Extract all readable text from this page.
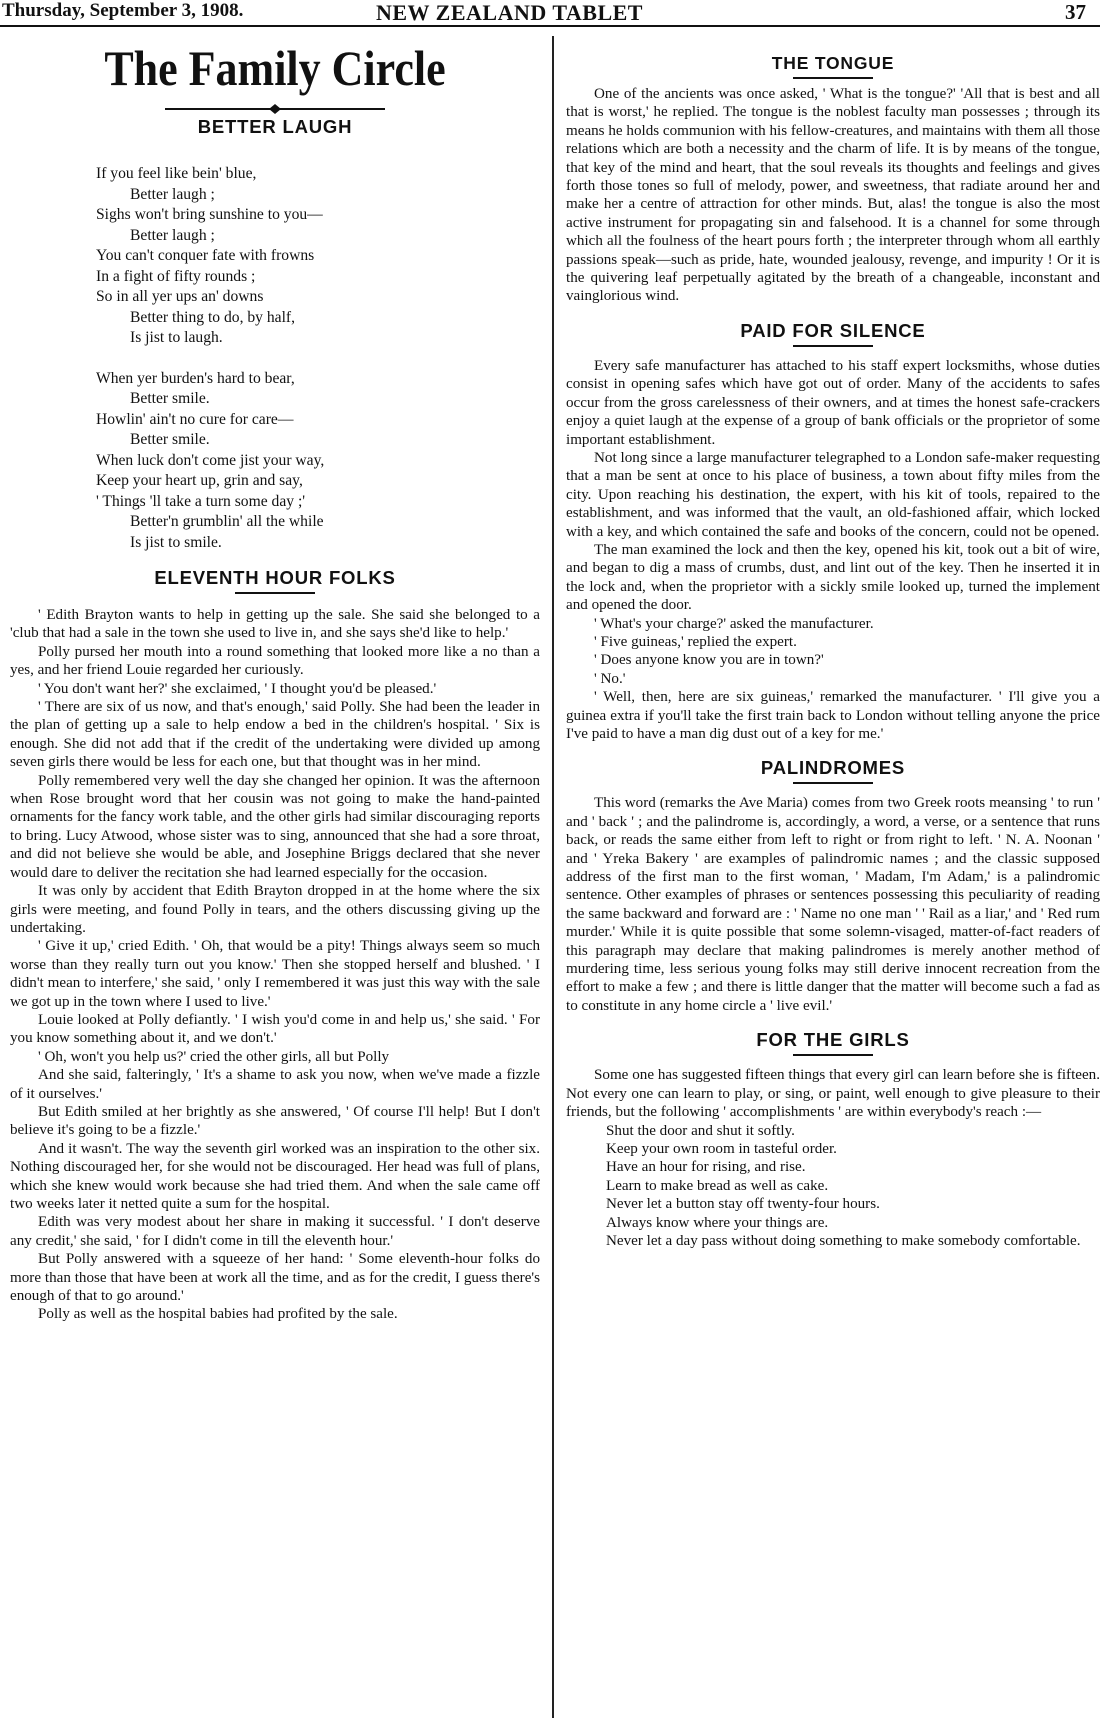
Thursday, September 3, 1908.	NEW ZEALAND TABLET	37
The Family Circle
BETTER LAUGH
If you feel like bein' blue,
Better laugh ;
Sighs won't bring sunshine to you—
Better laugh ;
You can't conquer fate with frowns
In a fight of fifty rounds ;
So in all yer ups an' downs
Better thing to do, by half,
Is jist to laugh.
When yer burden's hard to bear,
Better smile.
Howlin' ain't no cure for care—
Better smile.
When luck don't come jist your way,
Keep your heart up, grin and say,
' Things 'll take a turn some day ;'
Better'n grumblin' all the while
Is jist to smile.
ELEVENTH HOUR FOLKS

' Edith Brayton wants to help in getting up the sale. She said she belonged to a 'club that had a sale in the town she used to live in, and she says she'd like to help.'

Polly pursed her mouth into a round something that looked more like a no than a yes, and her friend Louie regarded her curiously.

' You don't want her?' she exclaimed, ' I thought you'd be pleased.'

' There are six of us now, and that's enough,' said Polly. She had been the leader in the plan of getting up a sale to help endow a bed in the children's hospital. ' Six is enough. She did not add that if the credit of the undertaking were divided up among seven girls there would be less for each one, but that thought was in her mind.

Polly remembered very well the day she changed her opinion. It was the afternoon when Rose brought word that her cousin was not going to make the hand-painted ornaments for the fancy work table, and the other girls had similar discouraging reports to bring. Lucy Atwood, whose sister was to sing, announced that she had a sore throat, and did not believe she would be able, and Josephine Briggs declared that she never would dare to deliver the recitation she had learned especially for the occasion.

It was only by accident that Edith Brayton dropped in at the home where the six girls were meeting, and found Polly in tears, and the others discussing giving up the undertaking.

' Give it up,' cried Edith. ' Oh, that would be a pity! Things always seem so much worse than they really turn out you know.' Then she stopped herself and blushed. ' I didn't mean to interfere,' she said, ' only I remembered it was just this way with the sale we got up in the town where I used to live.'

Louie looked at Polly defiantly. ' I wish you'd come in and help us,' she said. ' For you know something about it, and we don't.'

' Oh, won't you help us?' cried the other girls, all but Polly

And she said, falteringly, ' It's a shame to ask you now, when we've made a fizzle of it ourselves.'

But Edith smiled at her brightly as she answered, ' Of course I'll help! But I don't believe it's going to be a fizzle.'

And it wasn't. The way the seventh girl worked was an inspiration to the other six. Nothing discouraged her, for she would not be discouraged. Her head was full of plans, which she knew would work because she had tried them. And when the sale came off two weeks later it netted quite a sum for the hospital.

Edith was very modest about her share in making it successful. ' I don't deserve any credit,' she said, ' for I didn't come in till the eleventh hour.'

But Polly answered with a squeeze of her hand: ' Some eleventh-hour folks do more than those that have been at work all the time, and as for the credit, I guess there's enough of that to go around.'

Polly as well as the hospital babies had profited by the sale.

THE TONGUE

One of the ancients was once asked, ' What is the tongue?' 'All that is best and all that is worst,' he replied. The tongue is the noblest faculty man possesses ; through its means he holds communion with his fellow-creatures, and maintains with them all those relations which are both a necessity and the charm of life. It is by means of the tongue, that key of the mind and heart, that the soul reveals its thoughts and feelings and gives forth those tones so full of melody, power, and sweetness, that radiate around her and make her a centre of attraction for other minds. But, alas! the tongue is also the most active instrument for propagating sin and falsehood. It is a channel for some through which all the foulness of the heart pours forth ; the interpreter through whom all earthly passions speak—such as pride, hate, wounded jealousy, revenge, and impurity ! Or it is the quivering leaf perpetually agitated by the breath of a changeable, inconstant and vainglorious wind.

PAID FOR SILENCE

Every safe manufacturer has attached to his staff expert locksmiths, whose duties consist in opening safes which have got out of order. Many of the accidents to safes occur from the gross carelessness of their owners, and at times the honest safe-crackers enjoy a quiet laugh at the expense of a group of bank officials or the proprietor of some important establishment.

Not long since a large manufacturer telegraphed to a London safe-maker requesting that a man be sent at once to his place of business, a town about fifty miles from the city. Upon reaching his destination, the expert, with his kit of tools, repaired to the establishment, and was informed that the vault, an old-fashioned affair, which locked with a key, and which contained the safe and books of the concern, could not be opened.

The man examined the lock and then the key, opened his kit, took out a bit of wire, and began to dig a mass of crumbs, dust, and lint out of the key. Then he inserted it in the lock and, when the proprietor with a sickly smile looked up, turned the implement and opened the door.

' What's your charge?' asked the manufacturer.

' Five guineas,' replied the expert.

' Does anyone know you are in town?'

' No.'

' Well, then, here are six guineas,' remarked the manufacturer. ' I'll give you a guinea extra if you'll take the first train back to London without telling anyone the price I've paid to have a man dig dust out of a key for me.'

PALINDROMES

This word (remarks the Ave Maria) comes from two Greek roots meansing ' to run ' and ' back ' ; and the palindrome is, accordingly, a word, a verse, or a sentence that runs back, or reads the same either from left to right or from right to left. ' N. A. Noonan ' and ' Yreka Bakery ' are examples of palindromic names ; and the classic supposed address of the first man to the first woman, ' Madam, I'm Adam,' is a palindromic sentence. Other examples of phrases or sentences possessing this peculiarity of reading the same backward and forward are : ' Name no one man ' ' Rail as a liar,' and ' Red rum murder.' While it is quite possible that some solemn-visaged, matter-of-fact readers of this paragraph may declare that making palindromes is merely another method of murdering time, less serious young folks may still derive innocent recreation from the effort to make a few ; and there is little danger that the matter will become such a fad as to constitute in any home circle a ' live evil.'

FOR THE GIRLS

Some one has suggested fifteen things that every girl can learn before she is fifteen. Not every one can learn to play, or sing, or paint, well enough to give pleasure to their friends, but the following ' accomplishments ' are within everybody's reach :—

Shut the door and shut it softly.
Keep your own room in tasteful order.
Have an hour for rising, and rise.
Learn to make bread as well as cake.
Never let a button stay off twenty-four hours.
Always know where your things are.
Never let a day pass without doing something to make somebody comfortable.
